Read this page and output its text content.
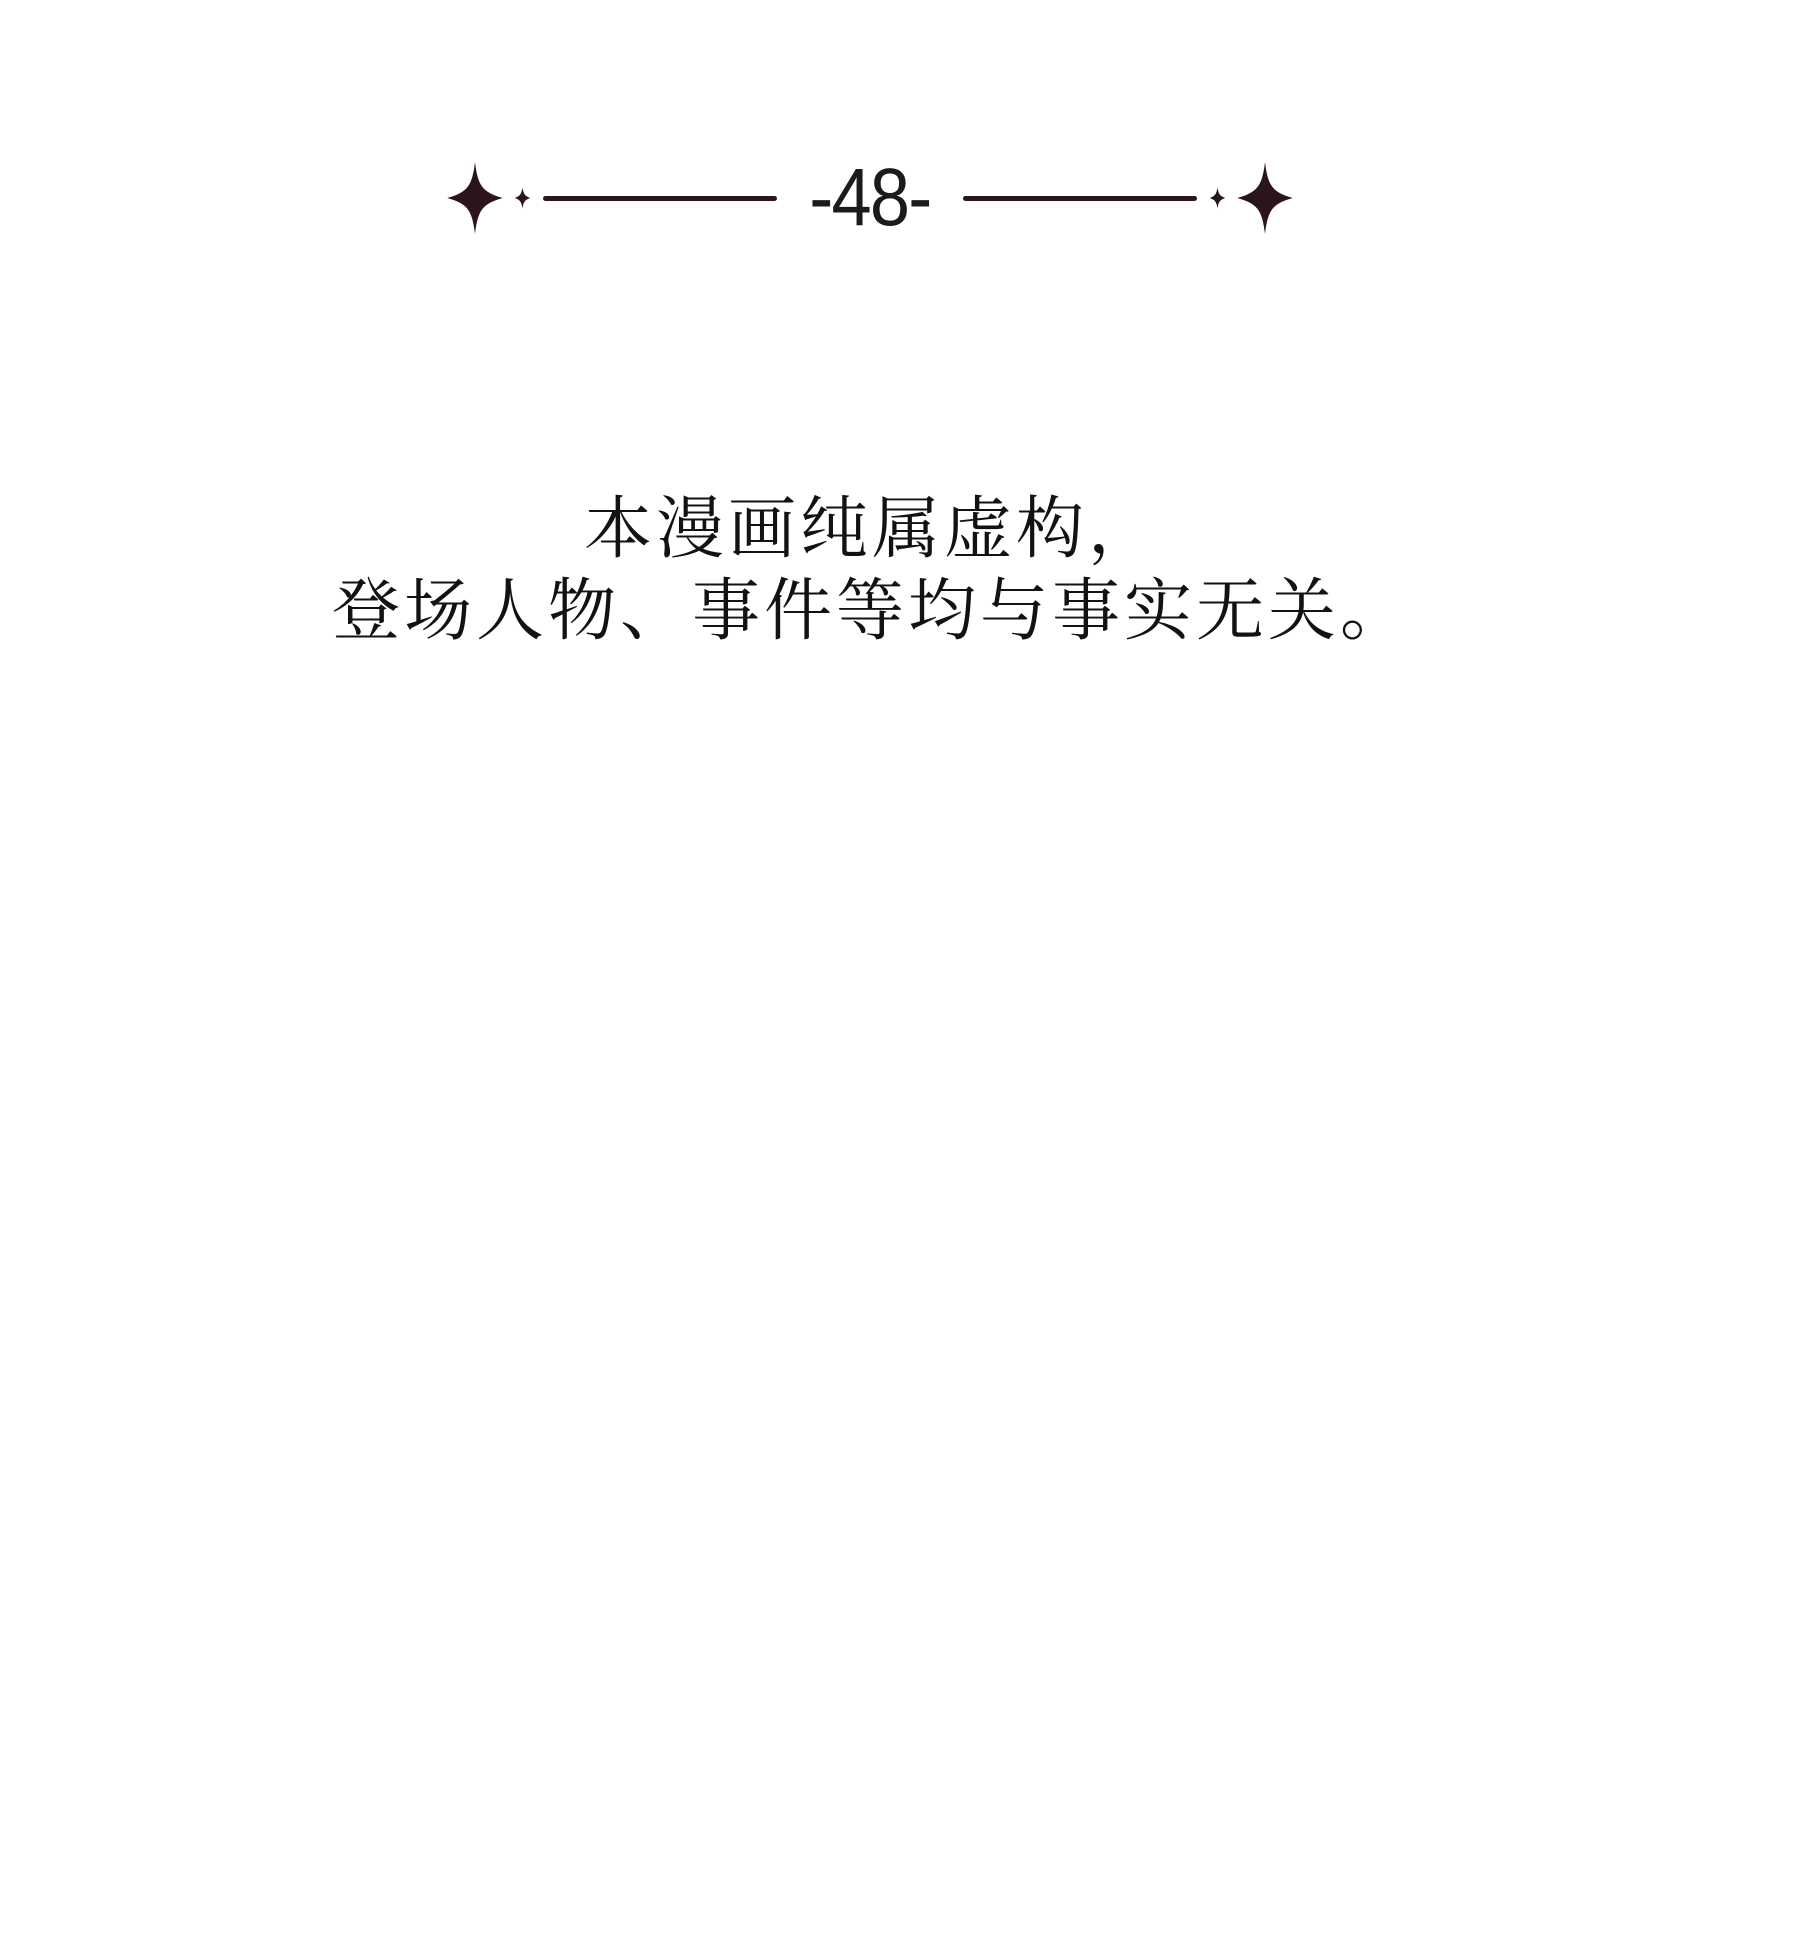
-48-
本漫画纯属虚构，
登场人物、事件等均与事实无关。
